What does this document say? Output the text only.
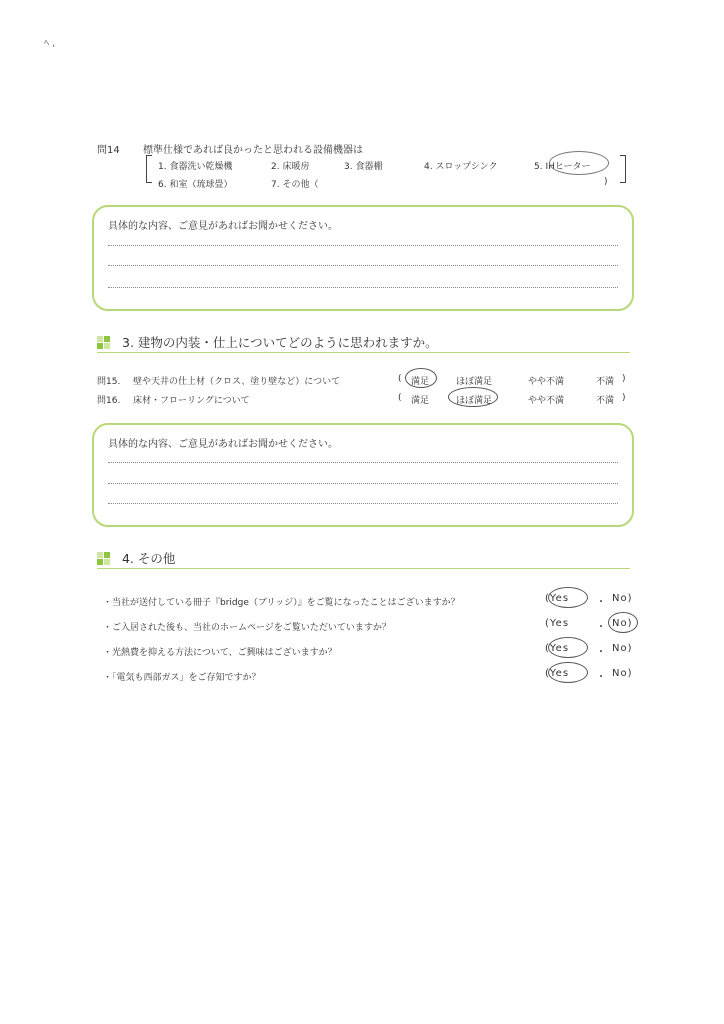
ﾍ ,
問14 標準仕様であれば良かったと思われる設備機器は
1. 食器洗い乾燥機	2. 床暖房	3. 食器棚	4. スロップシンク	5. IHヒーター
6. 和室（琉球畳）	7. その他（	)
具体的な内容、ご意見があればお聞かせください。
3. 建物の内装・仕上についてどのように思われますか。
問15. 壁や天井の仕上材（クロス、塗り壁など）について	( 満足	ほぼ満足	やや不満	不満 )
問16. 床材・フローリングについて	( 満足	ほぼ満足	やや不満	不満 )
具体的な内容、ご意見があればお聞かせください。
4. その他
・当社が送付している冊子『bridge（ブリッジ）』をご覧になったことはございますか？	(Yes	・ No)
・ご入居された後も、当社のホームページをご覧いただいていますか？	(Yes	・ No)
・光熱費を抑える方法について、ご興味はございますか？	(Yes	・ No)
・「電気も西部ガス」をご存知ですか？	(Yes	・ No)
